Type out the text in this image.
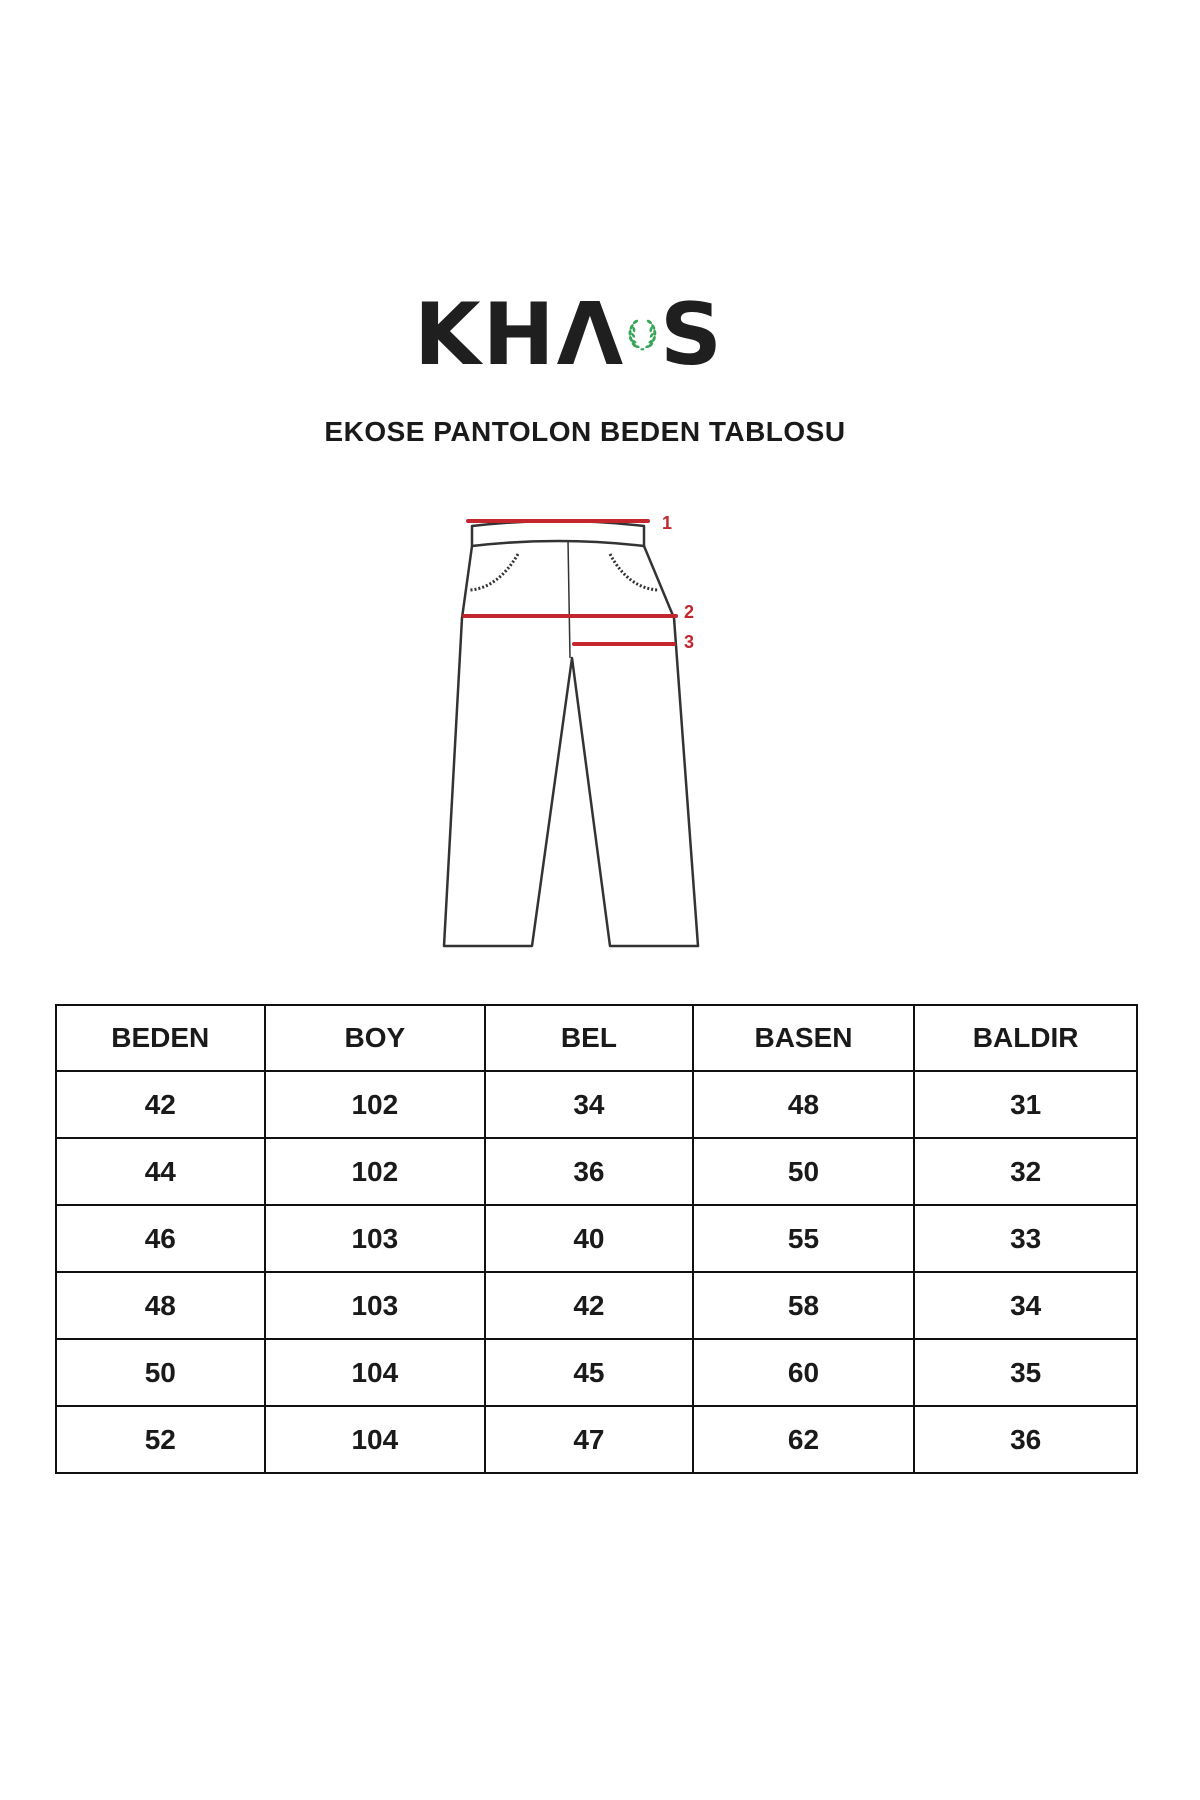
KH Λ S
EKOSE PANTOLON BEDEN TABLOSU
1
2
3
BEDEN	BOY	BEL	BASEN	BALDIR
42	102	34	48	31
44	102	36	50	32
46	103	40	55	33
48	103	42	58	34
50	104	45	60	35
52	104	47	62	36
